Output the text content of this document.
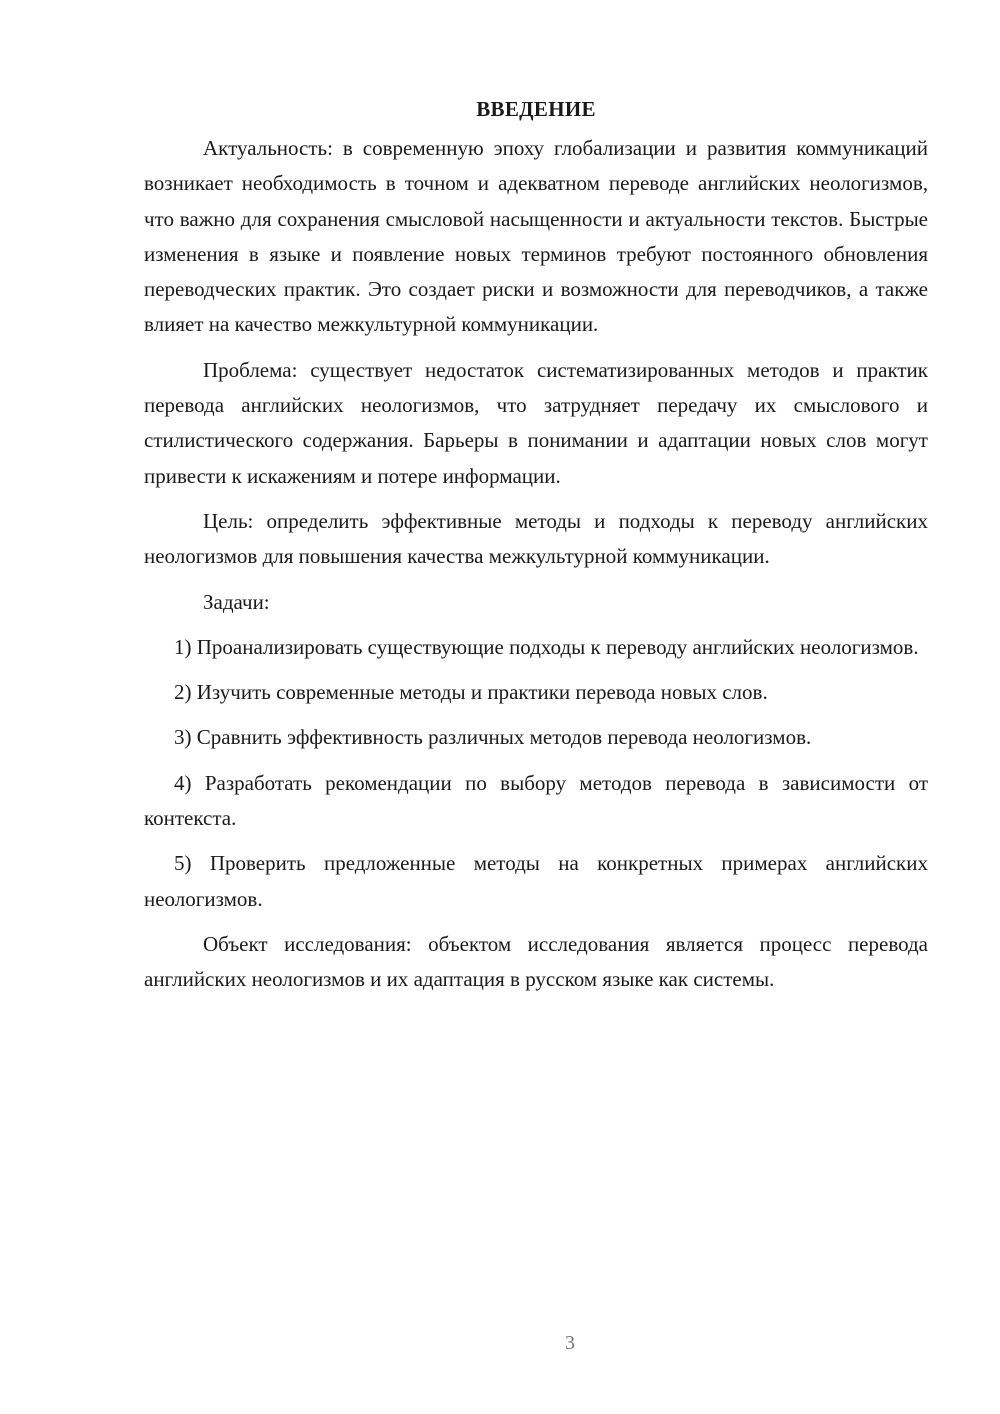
ВВЕДЕНИЕ

Актуальность: в современную эпоху глобализации и развития коммуникаций возникает необходимость в точном и адекватном переводе английских неологизмов, что важно для сохранения смысловой насыщенности и актуальности текстов. Быстрые изменения в языке и появление новых терминов требуют постоянного обновления переводческих практик. Это создает риски и возможности для переводчиков, а также влияет на качество межкультурной коммуникации.

Проблема: существует недостаток систематизированных методов и практик перевода английских неологизмов, что затрудняет передачу их смыслового и стилистического содержания. Барьеры в понимании и адаптации новых слов могут привести к искажениям и потере информации.

Цель: определить эффективные методы и подходы к переводу английских неологизмов для повышения качества межкультурной коммуникации.

Задачи:

1) Проанализировать существующие подходы к переводу английских неологизмов.

2) Изучить современные методы и практики перевода новых слов.

3) Сравнить эффективность различных методов перевода неологизмов.

4) Разработать рекомендации по выбору методов перевода в зависимости от контекста.

5) Проверить предложенные методы на конкретных примерах английских неологизмов.

Объект исследования: объектом исследования является процесс перевода английских неологизмов и их адаптация в русском языке как системы.

3
